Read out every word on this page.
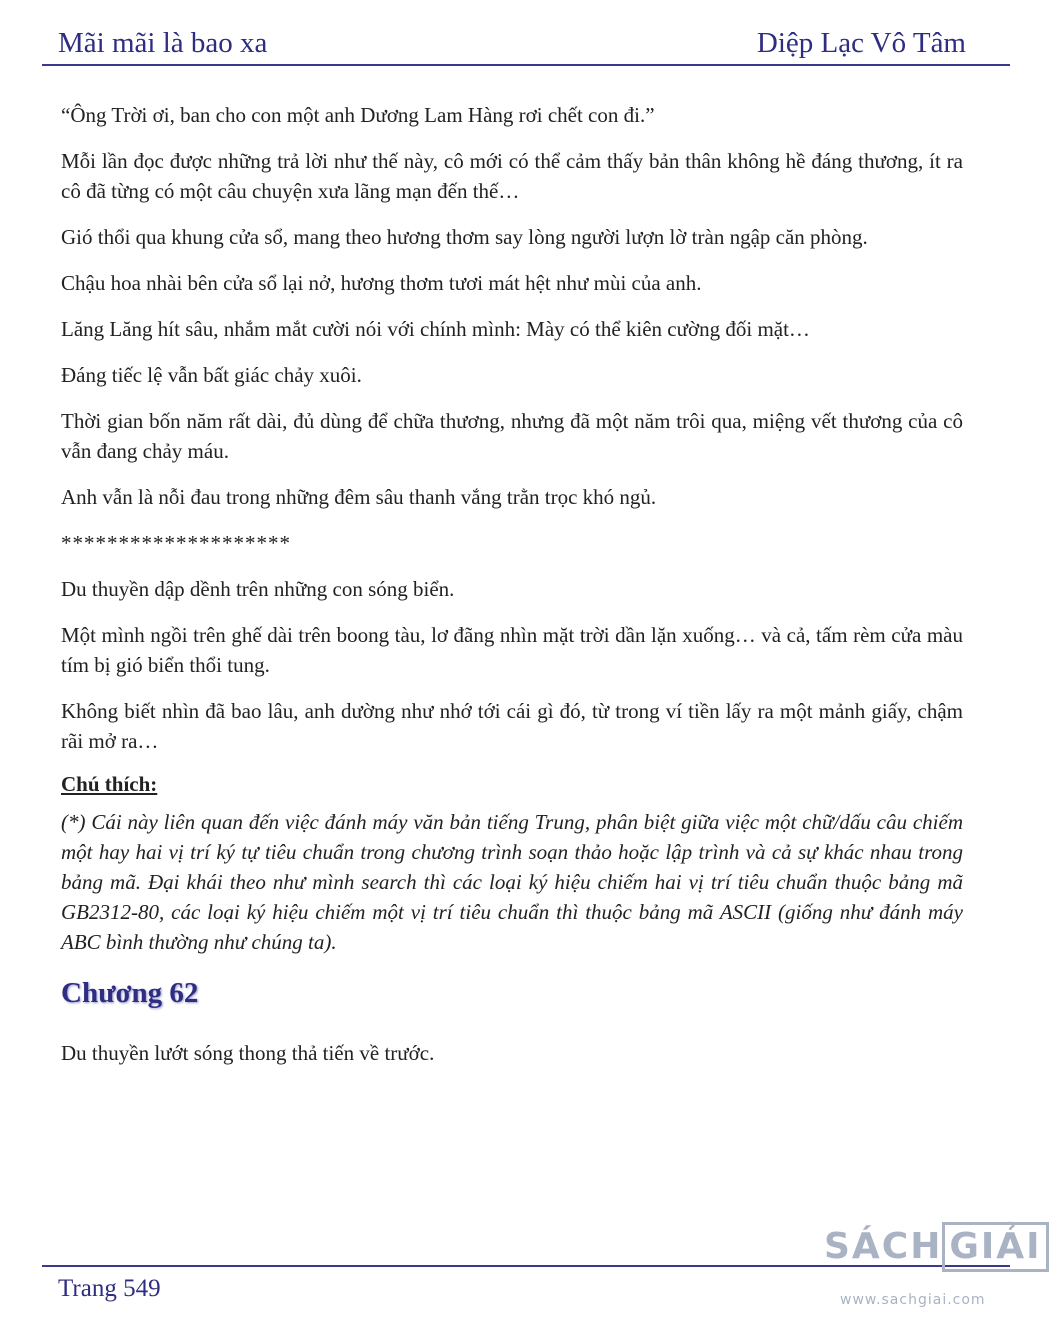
Mãi mãi là bao xa	Diệp Lạc Vô Tâm

“Ông Trời ơi, ban cho con một anh Dương Lam Hàng rơi chết con đi.”

Mỗi lần đọc được những trả lời như thế này, cô mới có thể cảm thấy bản thân không hề đáng thương, ít ra cô đã từng có một câu chuyện xưa lãng mạn đến thế…

Gió thổi qua khung cửa sổ, mang theo hương thơm say lòng người lượn lờ tràn ngập căn phòng.

Chậu hoa nhài bên cửa sổ lại nở, hương thơm tươi mát hệt như mùi của anh.

Lăng Lăng hít sâu, nhắm mắt cười nói với chính mình: Mày có thể kiên cường đối mặt…

Đáng tiếc lệ vẫn bất giác chảy xuôi.

Thời gian bốn năm rất dài, đủ dùng để chữa thương, nhưng đã một năm trôi qua, miệng vết thương của cô vẫn đang chảy máu.

Anh vẫn là nỗi đau trong những đêm sâu thanh vắng trằn trọc khó ngủ.

********************

Du thuyền dập dềnh trên những con sóng biển.

Một mình ngồi trên ghế dài trên boong tàu, lơ đãng nhìn mặt trời dần lặn xuống… và cả, tấm rèm cửa màu tím bị gió biển thổi tung.

Không biết nhìn đã bao lâu, anh dường như nhớ tới cái gì đó, từ trong ví tiền lấy ra một mảnh giấy, chậm rãi mở ra…

Chú thích:

(*) Cái này liên quan đến việc đánh máy văn bản tiếng Trung, phân biệt giữa việc một chữ/dấu câu chiếm một hay hai vị trí ký tự tiêu chuẩn trong chương trình soạn thảo hoặc lập trình và cả sự khác nhau trong bảng mã. Đại khái theo như mình search thì các loại ký hiệu chiếm hai vị trí tiêu chuẩn thuộc bảng mã GB2312-80, các loại ký hiệu chiếm một vị trí tiêu chuẩn thì thuộc bảng mã ASCII (giống như đánh máy ABC bình thường như chúng ta).

Chương 62

Du thuyền lướt sóng thong thả tiến về trước.

Trang 549
SÁCH GIẢI
www.sachgiai.com
